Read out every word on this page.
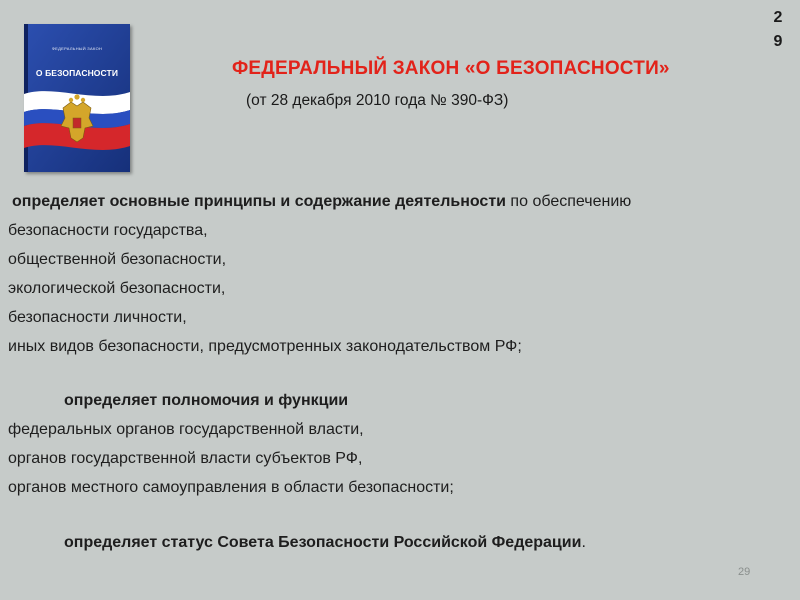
ФЕДЕРАЛЬНЫЙ ЗАКОН
О БЕЗОПАСНОСТИ
2
9
ФЕДЕРАЛЬНЫЙ ЗАКОН «О БЕЗОПАСНОСТИ»
(от 28 декабря 2010 года № 390-ФЗ)
определяет основные принципы и содержание деятельности по обеспечению
безопасности государства,
общественной безопасности,
экологической безопасности,
безопасности личности,
иных видов безопасности, предусмотренных законодательством РФ;
определяет полномочия и функции
федеральных органов государственной власти,
органов государственной власти субъектов РФ,
органов местного самоуправления в области безопасности;
определяет статус Совета Безопасности Российской Федерации.
29
